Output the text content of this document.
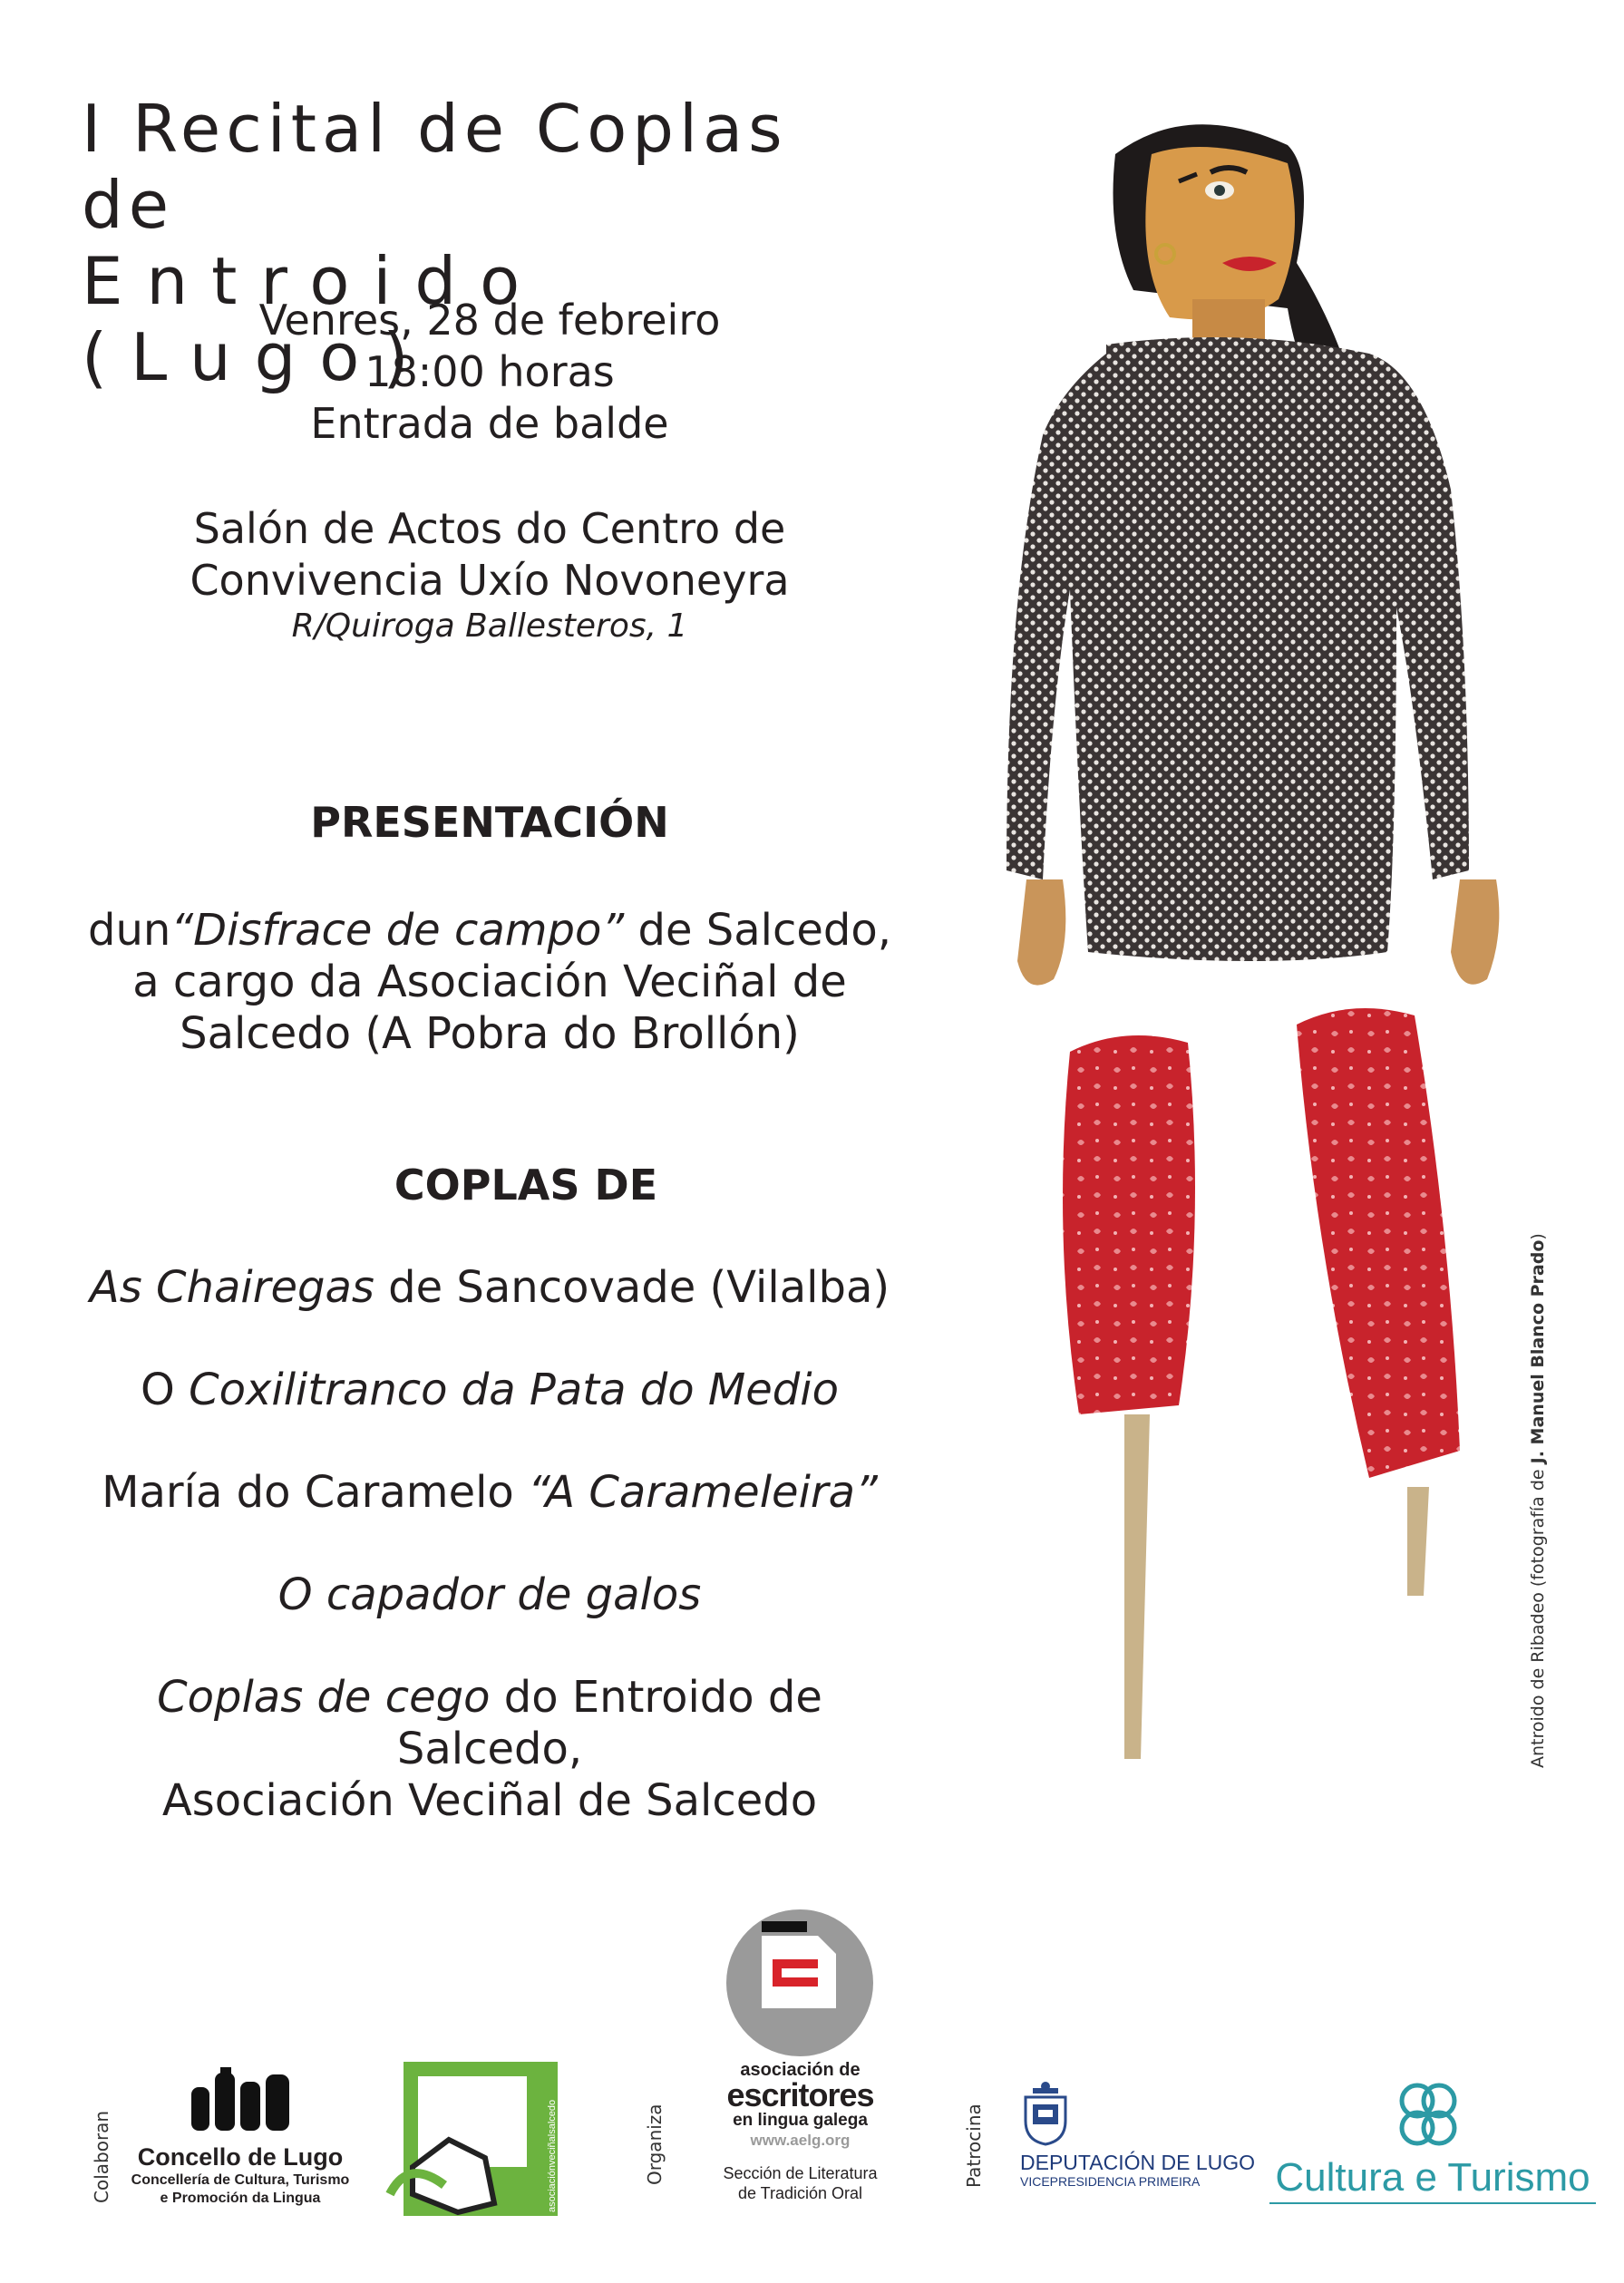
I Recital de Coplas de
Entroido (Lugo)
Venres, 28 de febreiro
18:00 horas
Entrada de balde
Salón de Actos do Centro de
Convivencia Uxío Novoneyra
R/Quiroga Ballesteros, 1
PRESENTACIÓN
dun“Disfrace de campo” de Salcedo,
a cargo da Asociación Veciñal de
Salcedo (A Pobra do Brollón)
COPLAS DE
As Chairegas de Sancovade (Vilalba)
O Coxilitranco da Pata do Medio
María do Caramelo “A Carameleira”
O capador de galos
Coplas de cego do Entroido de Salcedo,
Asociación Veciñal de Salcedo
Antroido de Ribadeo (fotografía de J. Manuel Blanco Prado)
Colaboran	Concello de Lugo
Concellería de Cultura, Turismo
e Promoción da Lingua	asociaciónveciñalsalcedo	Organiza
asociación de
escritores
en lingua galega
www.aelg.org
Sección de Literatura
de Tradición Oral
Patrocina DEPUTACIÓN DE LUGO
VICEPRESIDENCIA PRIMEIRA	Cultura e Turismo
